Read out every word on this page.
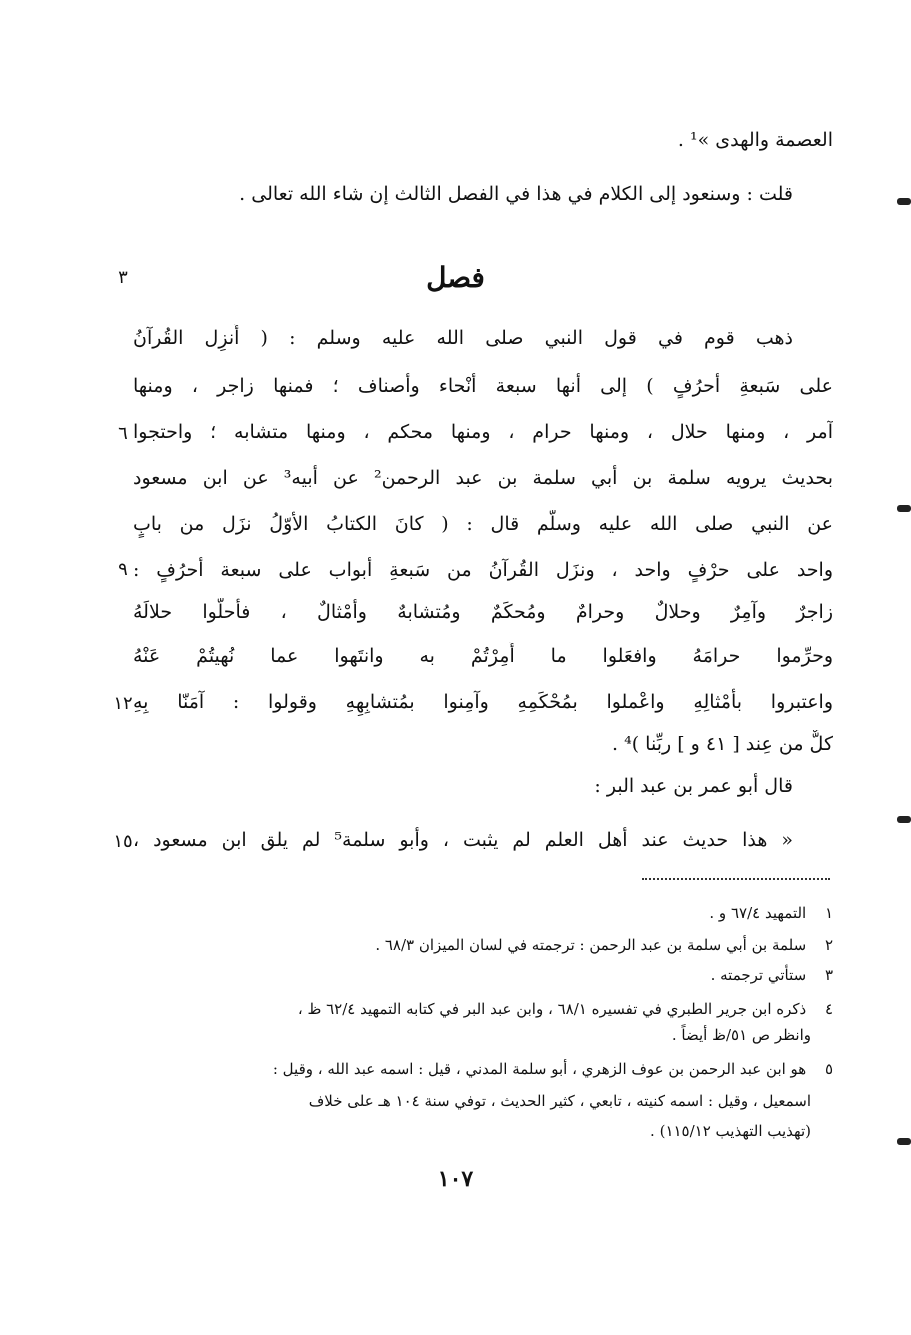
العصمة والهدى »¹ .
قلت : وسنعود إلى الكلام في هذا في الفصل الثالث إن شاء الله تعالى .
فصل
٣
ذهب قوم في قول النبي صلى الله عليه وسلم : ( أُنزِل القُرآنُ
على سَبعةِ أحرُفٍ ) إلى أنها سبعة أنْحاء وأصناف ؛ فمنها زاجر ، ومنها
آمر ، ومنها حلال ، ومنها حرام ، ومنها محكم ، ومنها متشابه ؛ واحتجوا
٦
بحديث يرويه سلمة بن أبي سلمة بن عبد الرحمن² عن أبيه³ عن ابن مسعود
عن النبي صلى الله عليه وسلّم قال : ( كانَ الكتابُ الأوّلُ نزَل من بابٍ
واحد على حرْفٍ واحد ، ونزَل القُرآنُ من سَبعةِ أبواب على سبعة أحرُفٍ :
٩
زاجرٌ وآمِرٌ وحلالٌ وحرامٌ ومُحكَمٌ ومُتشابهٌ وأمْثالٌ ، فأحلّوا حلالَهُ
وحرِّموا حرامَهُ وافعَلوا ما أُمِرْتُمْ به وانتَهوا عما نُهيتُمْ عَنْهُ
واعتبروا بأمْثالِهِ واعْملوا بمُحْكَمِهِ وآمِنوا بمُتشابِهِهِ وقولوا : آمَنّا بِهِ
١٢
كلٌّ من عِند [ ٤١ و ] ربِّنا )⁴ .
قال أبو عمر بن عبد البر :
« هذا حديث عند أهل العلم لم يثبت ، وأبو سلمة⁵ لم يلق ابن مسعود ،
١٥
١ التمهيد ٦٧/٤ و .
٢ سلمة بن أبي سلمة بن عبد الرحمن : ترجمته في لسان الميزان ٦٨/٣ .
٣ ستأتي ترجمته .
٤ ذكره ابن جرير الطبري في تفسيره ٦٨/١ ، وابن عبد البر في كتابه التمهيد ٦٢/٤ ظ ،
وانظر ص ٥١/ظ أيضاً .
٥ هو ابن عبد الرحمن بن عوف الزهري ، أبو سلمة المدني ، قيل : اسمه عبد الله ، وقيل :
اسمعيل ، وقيل : اسمه كنيته ، تابعي ، كثير الحديث ، توفي سنة ١٠٤ هـ على خلاف
(تهذيب التهذيب ١١٥/١٢) .
١٠٧
